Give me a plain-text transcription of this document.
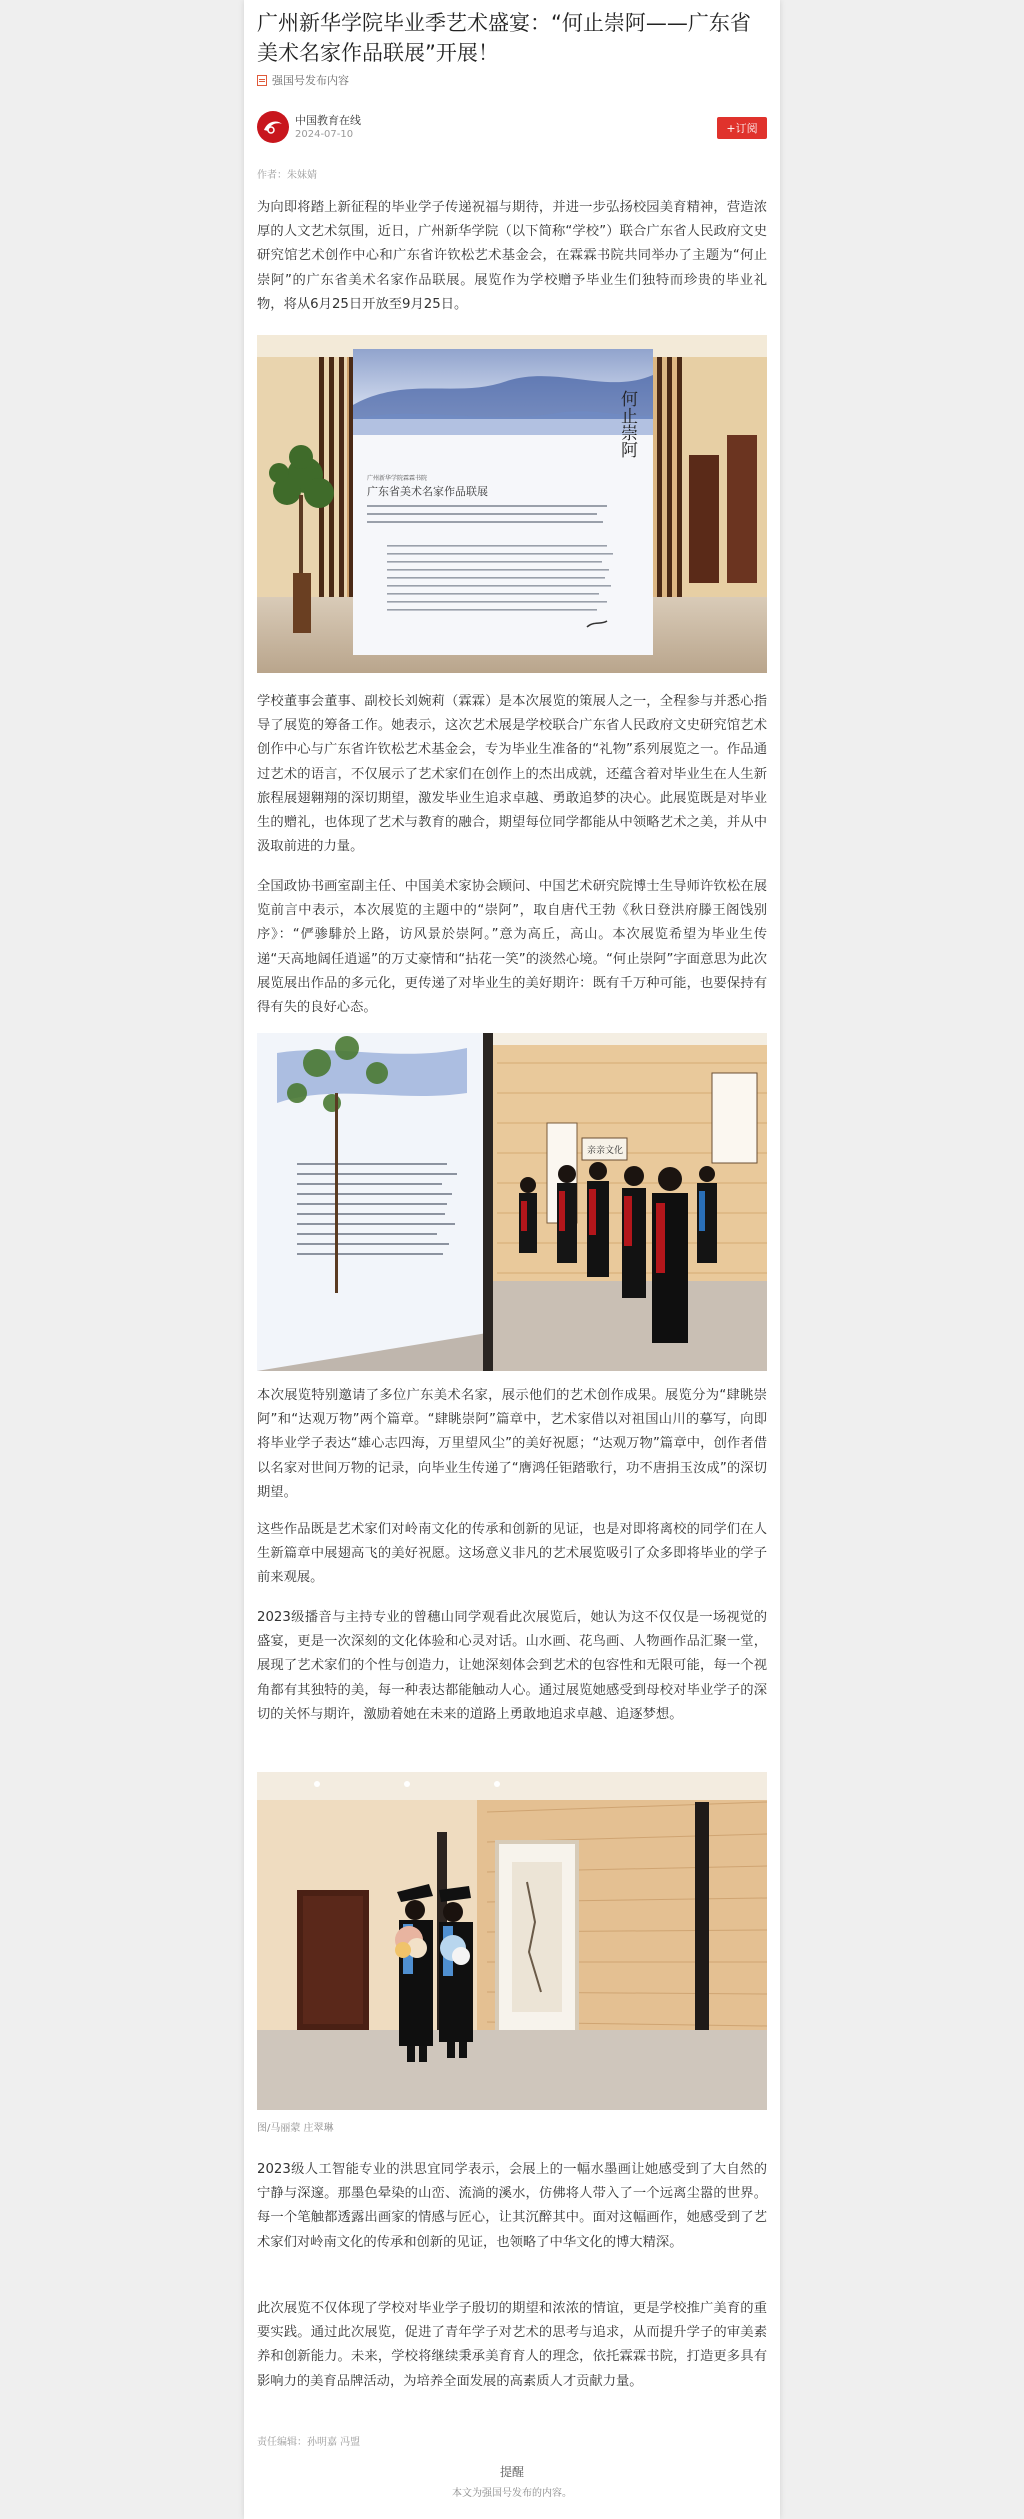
广州新华学院毕业季艺术盛宴：“何止崇阿——广东省美术名家作品联展”开展！
强国号发布内容
中国教育在线
2024-07-10	+订阅
作者：朱妹婧

为向即将踏上新征程的毕业学子传递祝福与期待，并进一步弘扬校园美育精神，营造浓厚的人文艺术氛围，近日，广州新华学院（以下简称“学校”）联合广东省人民政府文史研究馆艺术创作中心和广东省许钦松艺术基金会，在霖霖书院共同举办了主题为“何止崇阿”的广东省美术名家作品联展。展览作为学校赠予毕业生们独特而珍贵的毕业礼物，将从6月25日开放至9月25日。

何止崇阿
广州新华学院霖霖书院
广东省美术名家作品联展

学校董事会董事、副校长刘婉莉（霖霖）是本次展览的策展人之一，全程参与并悉心指导了展览的筹备工作。她表示，这次艺术展是学校联合广东省人民政府文史研究馆艺术创作中心与广东省许钦松艺术基金会，专为毕业生准备的“礼物”系列展览之一。作品通过艺术的语言，不仅展示了艺术家们在创作上的杰出成就，还蕴含着对毕业生在人生新旅程展翅翱翔的深切期望，激发毕业生追求卓越、勇敢追梦的决心。此展览既是对毕业生的赠礼，也体现了艺术与教育的融合，期望每位同学都能从中领略艺术之美，并从中汲取前进的力量。

全国政协书画室副主任、中国美术家协会顾问、中国艺术研究院博士生导师许钦松在展览前言中表示，本次展览的主题中的“崇阿”，取自唐代王勃《秋日登洪府滕王阁饯别序》：“俨骖騑於上路，访风景於崇阿。”意为高丘，高山。本次展览希望为毕业生传递“天高地阔任逍遥”的万丈豪情和“拈花一笑”的淡然心境。“何止崇阿”字面意思为此次展览展出作品的多元化，更传递了对毕业生的美好期许：既有千万种可能，也要保持有得有失的良好心态。

亲亲文化

本次展览特别邀请了多位广东美术名家，展示他们的艺术创作成果。展览分为“肆眺崇阿”和“达观万物”两个篇章。“肆眺崇阿”篇章中，艺术家借以对祖国山川的摹写，向即将毕业学子表达“雄心志四海，万里望风尘”的美好祝愿；“达观万物”篇章中，创作者借以名家对世间万物的记录，向毕业生传递了“膺鸿任钜踏歌行，功不唐捐玉汝成”的深切期望。

这些作品既是艺术家们对岭南文化的传承和创新的见证，也是对即将离校的同学们在人生新篇章中展翅高飞的美好祝愿。这场意义非凡的艺术展览吸引了众多即将毕业的学子前来观展。

2023级播音与主持专业的曾穗山同学观看此次展览后，她认为这不仅仅是一场视觉的盛宴，更是一次深刻的文化体验和心灵对话。山水画、花鸟画、人物画作品汇聚一堂，展现了艺术家们的个性与创造力，让她深刻体会到艺术的包容性和无限可能，每一个视角都有其独特的美，每一种表达都能触动人心。通过展览她感受到母校对毕业学子的深切的关怀与期许，激励着她在未来的道路上勇敢地追求卓越、追逐梦想。

图/马丽蒙 庄翠琳

2023级人工智能专业的洪思宜同学表示，会展上的一幅水墨画让她感受到了大自然的宁静与深邃。那墨色晕染的山峦、流淌的溪水，仿佛将人带入了一个远离尘嚣的世界。每一个笔触都透露出画家的情感与匠心，让其沉醉其中。面对这幅画作，她感受到了艺术家们对岭南文化的传承和创新的见证，也领略了中华文化的博大精深。

此次展览不仅体现了学校对毕业学子殷切的期望和浓浓的情谊，更是学校推广美育的重要实践。通过此次展览，促进了青年学子对艺术的思考与追求，从而提升学子的审美素养和创新能力。未来，学校将继续秉承美育育人的理念，依托霖霖书院，打造更多具有影响力的美育品牌活动，为培养全面发展的高素质人才贡献力量。

责任编辑：孙明嘉 冯盟
提醒
本文为强国号发布的内容。
